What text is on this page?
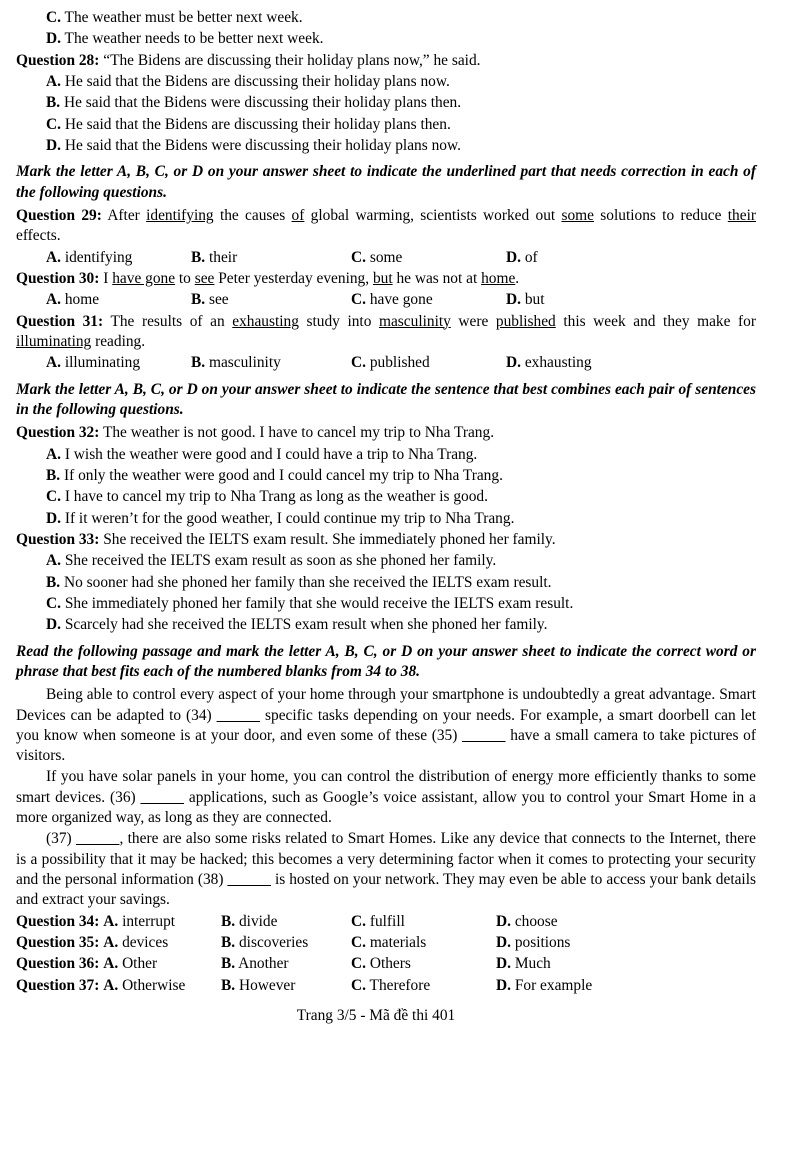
C. The weather must be better next week.
D. The weather needs to be better next week.
Question 28: “The Bidens are discussing their holiday plans now,” he said.
A. He said that the Bidens are discussing their holiday plans now.
B. He said that the Bidens were discussing their holiday plans then.
C. He said that the Bidens are discussing their holiday plans then.
D. He said that the Bidens were discussing their holiday plans now.
Mark the letter A, B, C, or D on your answer sheet to indicate the underlined part that needs correction in each of the following questions.
Question 29: After identifying the causes of global warming, scientists worked out some solutions to reduce their effects.
A. identifying	B. their	C. some	D. of
Question 30: I have gone to see Peter yesterday evening, but he was not at home.
A. home	B. see	C. have gone	D. but
Question 31: The results of an exhausting study into masculinity were published this week and they make for illuminating reading.
A. illuminating	B. masculinity	C. published	D. exhausting
Mark the letter A, B, C, or D on your answer sheet to indicate the sentence that best combines each pair of sentences in the following questions.
Question 32: The weather is not good. I have to cancel my trip to Nha Trang.
A. I wish the weather were good and I could have a trip to Nha Trang.
B. If only the weather were good and I could cancel my trip to Nha Trang.
C. I have to cancel my trip to Nha Trang as long as the weather is good.
D. If it weren’t for the good weather, I could continue my trip to Nha Trang.
Question 33: She received the IELTS exam result. She immediately phoned her family.
A. She received the IELTS exam result as soon as she phoned her family.
B. No sooner had she phoned her family than she received the IELTS exam result.
C. She immediately phoned her family that she would receive the IELTS exam result.
D. Scarcely had she received the IELTS exam result when she phoned her family.
Read the following passage and mark the letter A, B, C, or D on your answer sheet to indicate the correct word or phrase that best fits each of the numbered blanks from 34 to 38.
Being able to control every aspect of your home through your smartphone is undoubtedly a great advantage. Smart Devices can be adapted to (34) _____ specific tasks depending on your needs. For example, a smart doorbell can let you know when someone is at your door, and even some of these (35) _____ have a small camera to take pictures of visitors.
If you have solar panels in your home, you can control the distribution of energy more efficiently thanks to some smart devices. (36) _____ applications, such as Google’s voice assistant, allow you to control your Smart Home in a more organized way, as long as they are connected.
(37) _____, there are also some risks related to Smart Homes. Like any device that connects to the Internet, there is a possibility that it may be hacked; this becomes a very determining factor when it comes to protecting your security and the personal information (38) _____ is hosted on your network. They may even be able to access your bank details and extract your savings.
Question 34: A. interrupt	B. divide	C. fulfill	D. choose
Question 35: A. devices	B. discoveries	C. materials	D. positions
Question 36: A. Other	B. Another	C. Others	D. Much
Question 37: A. Otherwise	B. However	C. Therefore	D. For example
Trang 3/5 - Mã đề thi 401
